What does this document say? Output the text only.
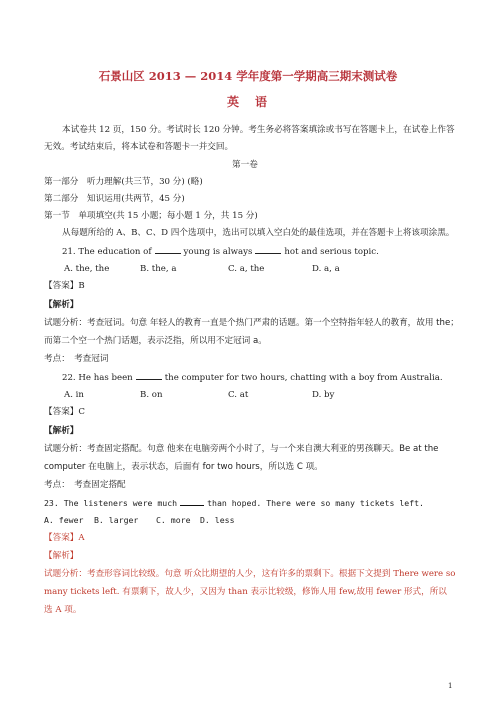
石景山区 2013 — 2014 学年度第一学期高三期末测试卷
英　语
本试卷共 12 页，150 分。考试时长 120 分钟。考生务必将答案填涂或书写在答题卡上，在试卷上作答
无效。考试结束后，将本试卷和答题卡一并交回。
第一卷
第一部分　听力理解(共三节，30 分) (略)
第二部分　知识运用(共两节，45 分)
第一节　单项填空(共 15 小题；每小题 1 分，共 15 分)
从每题所给的 A、B、C、D 四个选项中，选出可以填入空白处的最佳选项，并在答题卡上将该项涂黑。
21. The education of	young is always	hot and serious topic.
A. the, the	B. the, a	C. a, the	D. a, a
【答案】B
【解析】
试题分析：考查冠词。句意 年轻人的教育一直是个热门严肃的话题。第一个空特指年轻人的教育，故用 the；
而第二个空一个热门话题，表示泛指，所以用不定冠词 a。
考点：　考查冠词
22. He has been	the computer for two hours, chatting with a boy from Australia.
A. in	B. on	C. at	D. by
【答案】C
【解析】
试题分析：考查固定搭配。句意 他来在电脑旁两个小时了，与一个来自澳大利亚的男孩聊天。Be at the
computer 在电脑上，表示状态，后面有 for two hours，所以选 C 项。
考点：　考查固定搭配
23. The listeners were much	than hoped. There were so many tickets left.
A. fewer B. larger C. more D. less
【答案】A
【解析】
试题分析：考查形容词比较级。句意 听众比期望的人少，这有许多的票剩下。根据下文提到 There were so
many tickets left. 有票剩下，故人少，又因为 than 表示比较级，修饰人用 few,故用 fewer 形式，所以
选 A 项。
1
